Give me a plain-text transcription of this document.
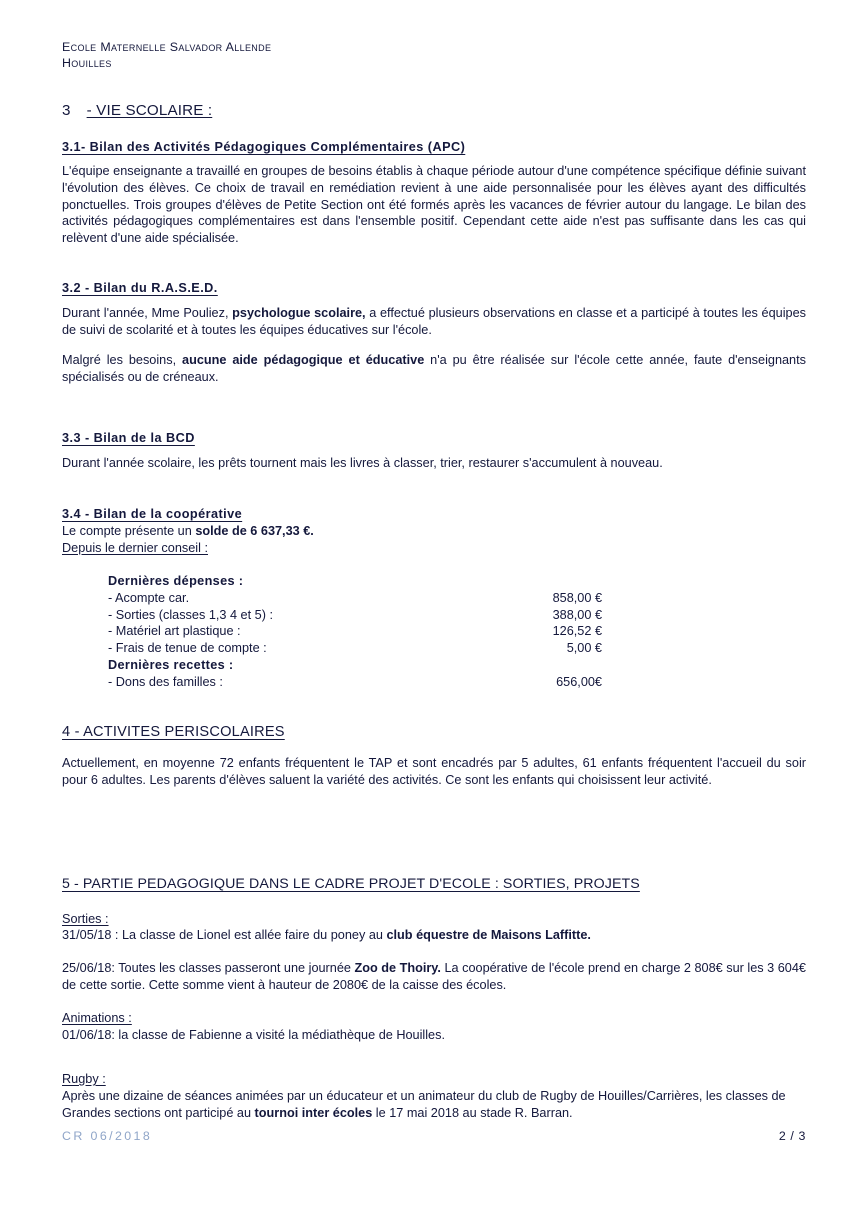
Ecole Maternelle Salvador Allende
Houilles
3 - VIE SCOLAIRE :
3.1- Bilan des Activités Pédagogiques Complémentaires (APC)
L'équipe enseignante a travaillé en groupes de besoins établis à chaque période autour d'une compétence spécifique définie suivant l'évolution des élèves. Ce choix de travail en remédiation revient à une aide personnalisée pour les élèves ayant des difficultés ponctuelles. Trois groupes d'élèves de Petite Section ont été formés après les vacances de février autour du langage. Le bilan des activités pédagogiques complémentaires est dans l'ensemble positif. Cependant cette aide n'est pas suffisante dans les cas qui relèvent d'une aide spécialisée.
3.2 - Bilan du R.A.S.E.D.
Durant l'année, Mme Pouliez, psychologue scolaire, a effectué plusieurs observations en classe et a participé à toutes les équipes de suivi de scolarité et à toutes les équipes éducatives sur l'école.
Malgré les besoins, aucune aide pédagogique et éducative n'a pu être réalisée sur l'école cette année, faute d'enseignants spécialisés ou de créneaux.
3.3 - Bilan de la BCD
Durant l'année scolaire, les prêts tournent mais les livres à classer, trier, restaurer s'accumulent à nouveau.
3.4 - Bilan de la coopérative
Le compte présente un solde de 6 637,33 €.
Depuis le dernier conseil :
Dernières dépenses :
- Acompte car.	858,00 €
- Sorties (classes 1,3 4 et 5) :	388,00 €
- Matériel art plastique :	126,52 €
- Frais de tenue de compte :	5,00 €
Dernières recettes :
- Dons des familles :	656,00€
4 - ACTIVITES PERISCOLAIRES
Actuellement, en moyenne 72 enfants fréquentent le TAP et sont encadrés par 5 adultes, 61 enfants fréquentent l'accueil du soir pour 6 adultes. Les parents d'élèves saluent la variété des activités. Ce sont les enfants qui choisissent leur activité.
5 - PARTIE PEDAGOGIQUE DANS LE CADRE PROJET D'ECOLE : SORTIES, PROJETS
Sorties :
31/05/18 : La classe de Lionel est allée faire du poney au club équestre de Maisons Laffitte.
25/06/18: Toutes les classes passeront une journée Zoo de Thoiry. La coopérative de l'école prend en charge 2 808€ sur les 3 604€ de cette sortie. Cette somme vient à hauteur de 2080€ de la caisse des écoles.
Animations :
01/06/18: la classe de Fabienne a visité la médiathèque de Houilles.
Rugby :
Après une dizaine de séances animées par un éducateur et un animateur du club de Rugby de Houilles/Carrières, les classes de Grandes sections ont participé au tournoi inter écoles le 17 mai 2018 au stade R. Barran.
CR 06/2018	2 / 3
